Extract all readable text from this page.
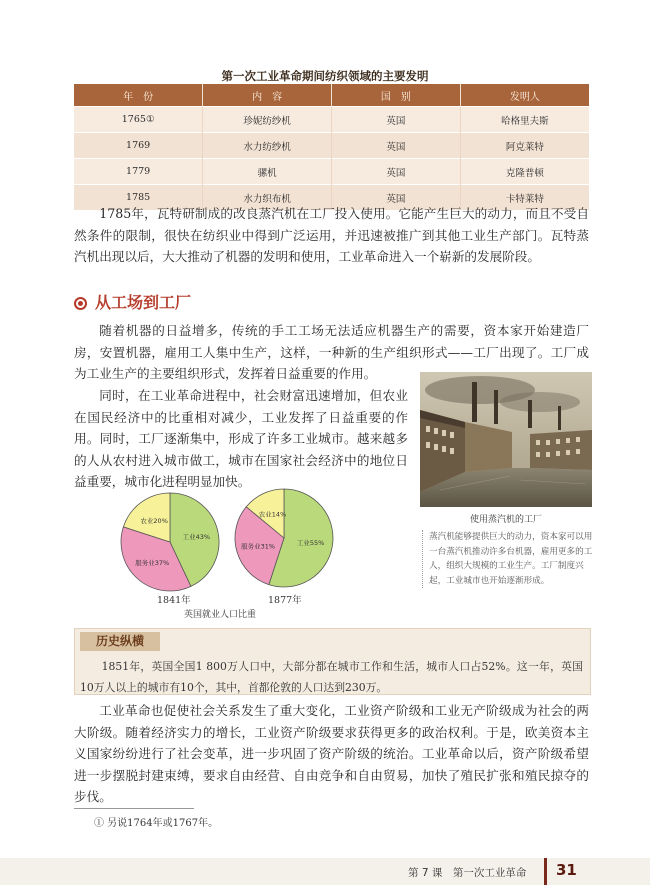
第一次工业革命期间纺织领域的主要发明
年　份	内　容	国　别	发明人
1765①	珍妮纺纱机	英国	哈格里夫斯
1769	水力纺纱机	英国	阿克莱特
1779	骡机	英国	克隆普顿
1785	水力织布机	英国	卡特莱特
1785年，瓦特研制成的改良蒸汽机在工厂投入使用。它能产生巨大的动力，而且不受自然条件的限制，很快在纺织业中得到广泛运用，并迅速被推广到其他工业生产部门。瓦特蒸汽机出现以后，大大推动了机器的发明和使用，工业革命进入一个崭新的发展阶段。
从工场到工厂
随着机器的日益增多，传统的手工工场无法适应机器生产的需要，资本家开始建造厂房，安置机器，雇用工人集中生产，这样，一种新的生产组织形式——工厂出现了。工厂成为工业生产的主要组织形式，发挥着日益重要的作用。
同时，在工业革命进程中，社会财富迅速增加，但农业在国民经济中的比重相对减少，工业发挥了日益重要的作用。同时，工厂逐渐集中，形成了许多工业城市。越来越多的人从农村进入城市做工，城市在国家社会经济中的地位日益重要，城市化进程明显加快。
使用蒸汽机的工厂
蒸汽机能够提供巨大的动力，资本家可以用一台蒸汽机推动许多台机器，雇用更多的工人，组织大规模的工业生产。工厂制度兴起，工业城市也开始逐渐形成。
工业43%
服务业37%
农业20%
工业55%
服务业31%
农业14%
1841年	1877年
英国就业人口比重
历史纵横
1851年，英国全国1 800万人口中，大部分都在城市工作和生活，城市人口占52%。这一年，英国10万人以上的城市有10个，其中，首都伦敦的人口达到230万。
工业革命也促使社会关系发生了重大变化，工业资产阶级和工业无产阶级成为社会的两大阶级。随着经济实力的增长，工业资产阶级要求获得更多的政治权利。于是，欧美资本主义国家纷纷进行了社会变革，进一步巩固了资产阶级的统治。工业革命以后，资产阶级希望进一步摆脱封建束缚，要求自由经营、自由竞争和自由贸易，加快了殖民扩张和殖民掠夺的步伐。
① 另说1764年或1767年。
第 7 课　第一次工业革命 31
